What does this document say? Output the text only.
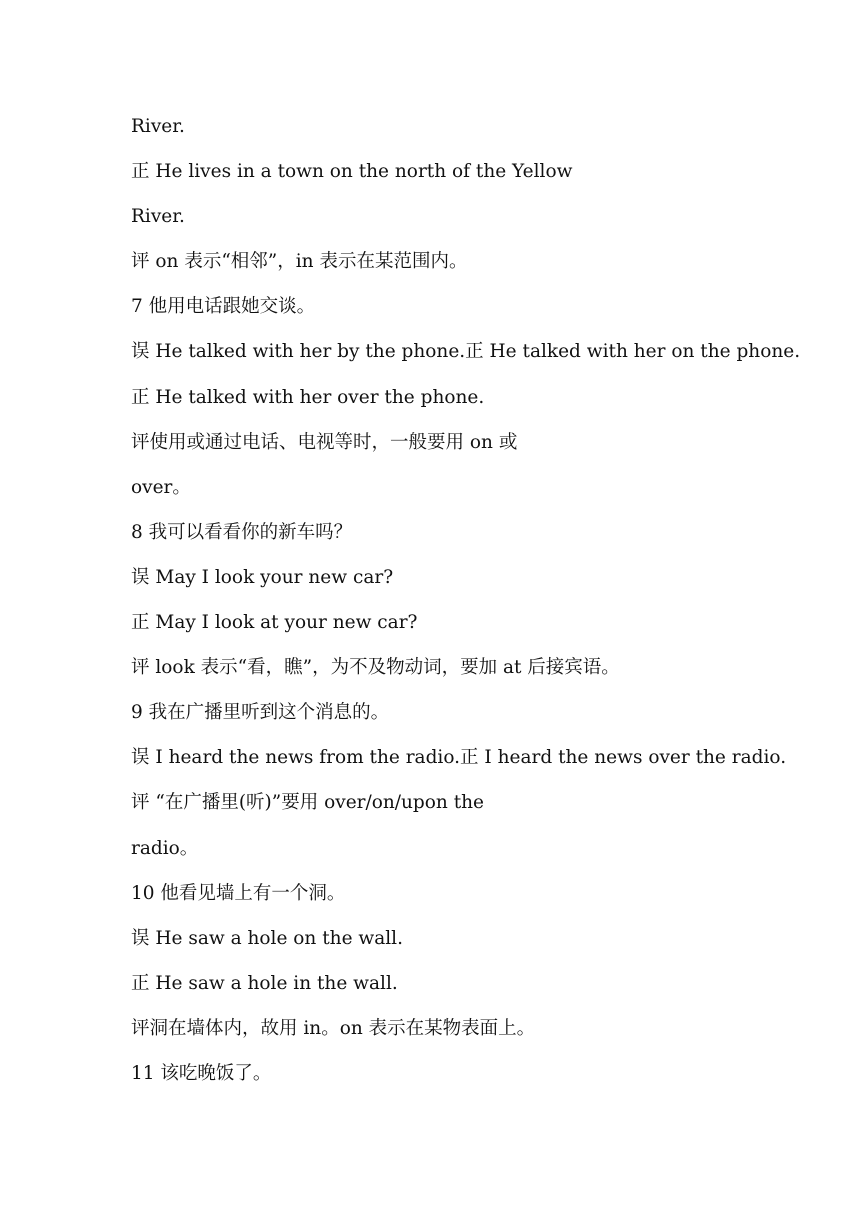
River.
正 He lives in a town on the north of the Yellow
River.
评 on 表示“相邻”，in 表示在某范围内。
7 他用电话跟她交谈。
误 He talked with her by the phone.正 He talked with her on the phone.
正 He talked with her over the phone.
评使用或通过电话、电视等时，一般要用 on 或
over。
8 我可以看看你的新车吗？
误 May I look your new car?
正 May I look at your new car?
评 look 表示“看，瞧”，为不及物动词，要加 at 后接宾语。
9 我在广播里听到这个消息的。
误 I heard the news from the radio.正 I heard the news over the radio.
评 “在广播里(听)”要用 over/on/upon the
radio。
10 他看见墙上有一个洞。
误 He saw a hole on the wall.
正 He saw a hole in the wall.
评洞在墙体内，故用 in。on 表示在某物表面上。
11 该吃晚饭了。
